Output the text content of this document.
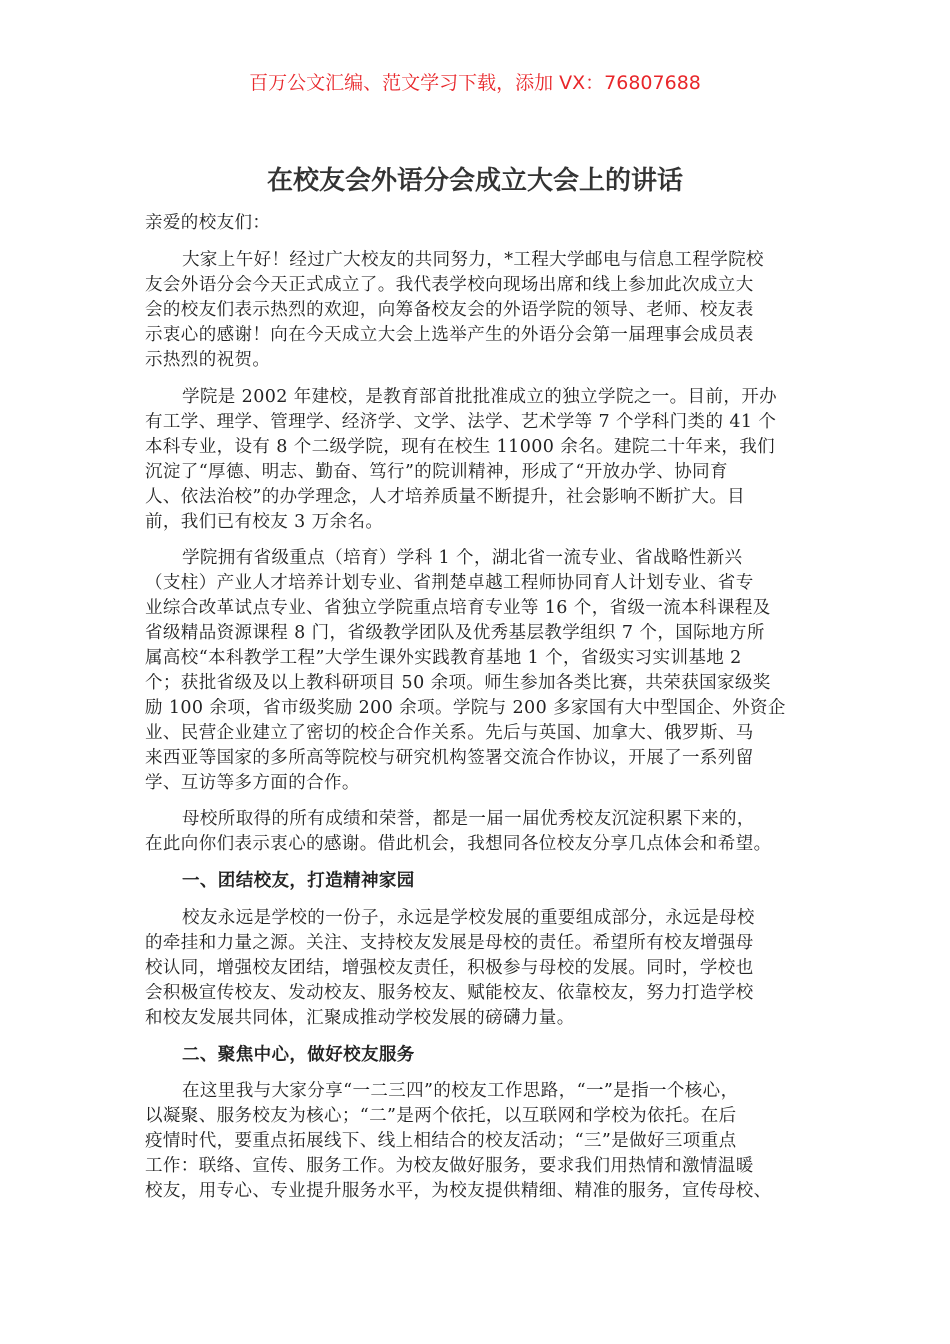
百万公文汇编、范文学习下载，添加 VX：76807688
在校友会外语分会成立大会上的讲话
亲爱的校友们：
大家上午好！经过广大校友的共同努力，*工程大学邮电与信息工程学院校
友会外语分会今天正式成立了。我代表学校向现场出席和线上参加此次成立大
会的校友们表示热烈的欢迎，向筹备校友会的外语学院的领导、老师、校友表
示衷心的感谢！向在今天成立大会上选举产生的外语分会第一届理事会成员表
示热烈的祝贺。
学院是 2002 年建校，是教育部首批批准成立的独立学院之一。目前，开办
有工学、理学、管理学、经济学、文学、法学、艺术学等 7 个学科门类的 41 个
本科专业，设有 8 个二级学院，现有在校生 11000 余名。建院二十年来，我们
沉淀了“厚德、明志、勤奋、笃行”的院训精神，形成了“开放办学、协同育
人、依法治校”的办学理念，人才培养质量不断提升，社会影响不断扩大。目
前，我们已有校友 3 万余名。
学院拥有省级重点（培育）学科 1 个，湖北省一流专业、省战略性新兴
（支柱）产业人才培养计划专业、省荆楚卓越工程师协同育人计划专业、省专
业综合改革试点专业、省独立学院重点培育专业等 16 个，省级一流本科课程及
省级精品资源课程 8 门，省级教学团队及优秀基层教学组织 7 个，国际地方所
属高校“本科教学工程”大学生课外实践教育基地 1 个，省级实习实训基地 2
个；获批省级及以上教科研项目 50 余项。师生参加各类比赛，共荣获国家级奖
励 100 余项，省市级奖励 200 余项。学院与 200 多家国有大中型国企、外资企
业、民营企业建立了密切的校企合作关系。先后与英国、加拿大、俄罗斯、马
来西亚等国家的多所高等院校与研究机构签署交流合作协议，开展了一系列留
学、互访等多方面的合作。
母校所取得的所有成绩和荣誉，都是一届一届优秀校友沉淀积累下来的，
在此向你们表示衷心的感谢。借此机会，我想同各位校友分享几点体会和希望。
一、团结校友，打造精神家园
校友永远是学校的一份子，永远是学校发展的重要组成部分，永远是母校
的牵挂和力量之源。关注、支持校友发展是母校的责任。希望所有校友增强母
校认同，增强校友团结，增强校友责任，积极参与母校的发展。同时，学校也
会积极宣传校友、发动校友、服务校友、赋能校友、依靠校友，努力打造学校
和校友发展共同体，汇聚成推动学校发展的磅礴力量。
二、聚焦中心，做好校友服务
在这里我与大家分享“一二三四”的校友工作思路，“一”是指一个核心，
以凝聚、服务校友为核心；“二”是两个依托，以互联网和学校为依托。在后
疫情时代，要重点拓展线下、线上相结合的校友活动；“三”是做好三项重点
工作：联络、宣传、服务工作。为校友做好服务，要求我们用热情和激情温暖
校友，用专心、专业提升服务水平，为校友提供精细、精准的服务，宣传母校、
